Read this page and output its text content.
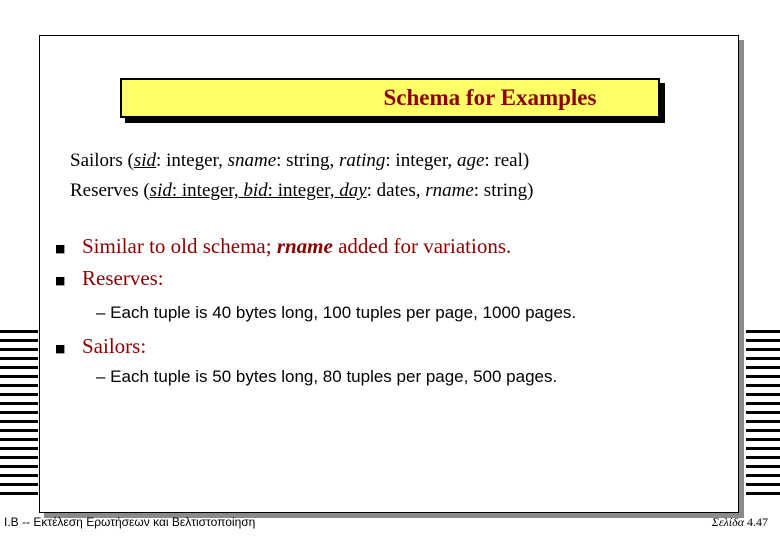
Schema for Examples
Sailors (sid: integer, sname: string, rating: integer, age: real)
Reserves (sid: integer, bid: integer, day: dates, rname: string)
■ Similar to old schema; rname added for variations.
■ Reserves:
– Each tuple is 40 bytes long, 100 tuples per page, 1000 pages.
■ Sailors:
– Each tuple is 50 bytes long, 80 tuples per page, 500 pages.
I.B -- Εκτέλεση Ερωτήσεων και Βελτιστοποίηση	Σελίδα 4.47
